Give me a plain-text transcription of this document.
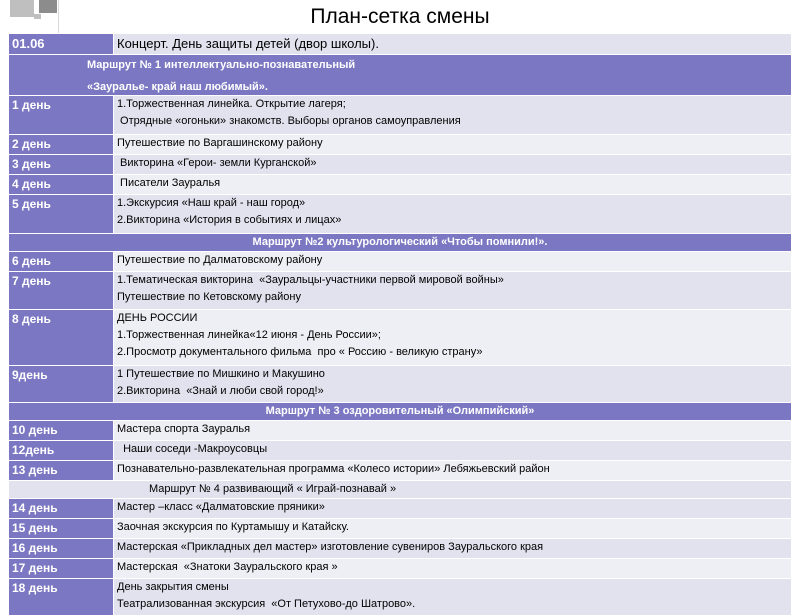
План-сетка смены
01.06	Концерт. День защиты детей (двор школы).

Маршрут № 1 интеллектуально-познавательный
«Зауралье- край наш любимый».	

1 день	1.Торжественная линейка. Открытие лагеря;
Отрядные «огоньки» знакомств. Выборы органов самоуправления

2 день	Путешествие по Варгашинскому району

3 день	Викторина «Герои- земли Курганской»

4 день	Писатели Зауралья

5 день	1.Экскурсия «Наш край - наш город»
2.Викторина «История в событиях и лицах»

Маршрут №2 культурологический «Чтобы помнили!».	
6 день	Путешествие по Далматовскому району

7 день	1.Тематическая викторина  «Зауральцы-участники первой мировой войны»
Путешествие по Кетовскому району

8 день	ДЕНЬ РОССИИ
1.Торжественная линейка«12 июня - День России»;
2.Просмотр документального фильма  про « Россию - великую страну»

9день	1 Путешествие по Мишкино и Макушино
2.Викторина  «Знай и люби свой город!»

Маршрут № 3 оздоровительный «Олимпийский»	
10 день	Мастера спорта Зауралья

12день	Наши соседи -Макроусовцы

13 день	Познавательно-развлекательная программа «Колесо истории» Лебяжьевский район

Маршрут № 4 развивающий « Играй-познавай »	
14 день	Мастер –класс «Далматовские пряники»

15 день	Заочная экскурсия по Куртамышу и Катайску.

16 день	Мастерская «Прикладных дел мастер» изготовление сувениров Зауральского края

17 день	Мастерская  «Знатоки Зауральского края »

18 день	День закрытия смены
Театрализованная экскурсия  «От Петухово-до Шатрово».
